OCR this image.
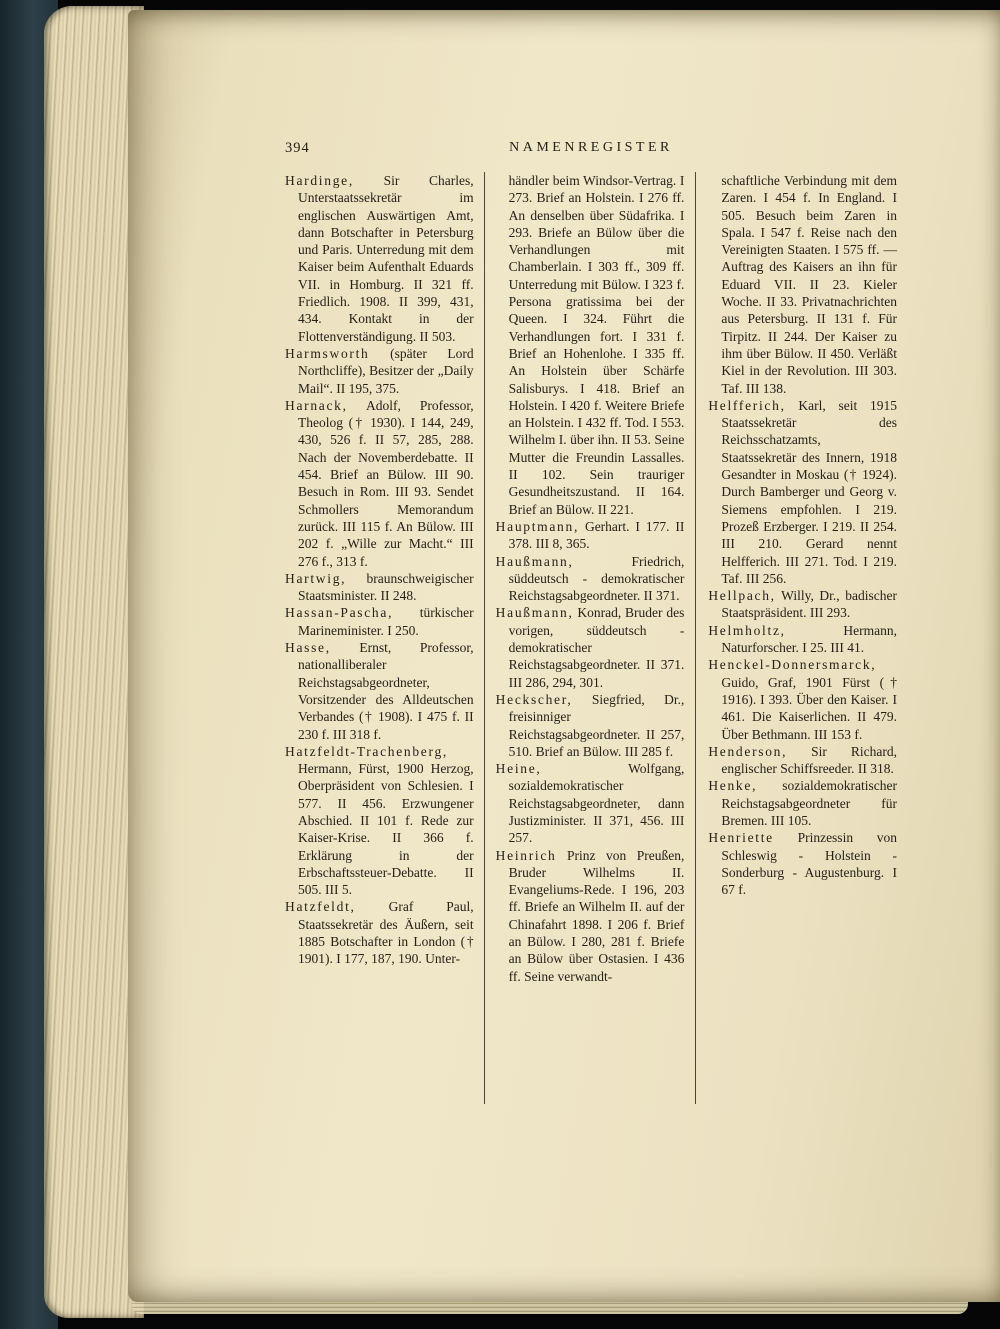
394	NAMENREGISTER

Hardinge, Sir Charles, Unterstaatssekretär im englischen Auswärtigen Amt, dann Botschafter in Petersburg und Paris. Unterredung mit dem Kaiser beim Aufenthalt Eduards VII. in Homburg. II 321 ff. Friedlich. 1908. II 399, 431, 434. Kontakt in der Flottenverständigung. II 503.

Harmsworth (später Lord Northcliffe), Besitzer der „Daily Mail“. II 195, 375.

Harnack, Adolf, Professor, Theolog († 1930). I 144, 249, 430, 526 f. II 57, 285, 288. Nach der Novemberdebatte. II 454. Brief an Bülow. III 90. Besuch in Rom. III 93. Sendet Schmollers Memorandum zurück. III 115 f. An Bülow. III 202 f. „Wille zur Macht.“ III 276 f., 313 f.

Hartwig, braunschweigischer Staatsminister. II 248.

Hassan-Pascha, türkischer Marineminister. I 250.

Hasse, Ernst, Professor, nationalliberaler Reichstagsabgeordneter, Vorsitzender des Alldeutschen Verbandes († 1908). I 475 f. II 230 f. III 318 f.

Hatzfeldt-Trachenberg, Hermann, Fürst, 1900 Herzog, Oberpräsident von Schlesien. I 577. II 456. Erzwungener Abschied. II 101 f. Rede zur Kaiser-Krise. II 366 f. Erklärung in der Erbschaftssteuer-Debatte. II 505. III 5.

Hatzfeldt, Graf Paul, Staatssekretär des Äußern, seit 1885 Botschafter in London († 1901). I 177, 187, 190. Unter-

händler beim Windsor-Vertrag. I 273. Brief an Holstein. I 276 ff. An denselben über Südafrika. I 293. Briefe an Bülow über die Verhandlungen mit Chamberlain. I 303 ff., 309 ff. Unterredung mit Bülow. I 323 f. Persona gratissima bei der Queen. I 324. Führt die Verhandlungen fort. I 331 f. Brief an Hohenlohe. I 335 ff. An Holstein über Schärfe Salisburys. I 418. Brief an Holstein. I 420 f. Weitere Briefe an Holstein. I 432 ff. Tod. I 553. Wilhelm I. über ihn. II 53. Seine Mutter die Freundin Lassalles. II 102. Sein trauriger Gesundheitszustand. II 164. Brief an Bülow. II 221.

Hauptmann, Gerhart. I 177. II 378. III 8, 365.

Haußmann, Friedrich, süddeutsch - demokratischer Reichstagsabgeordneter. II 371.

Haußmann, Konrad, Bruder des vorigen, süddeutsch - demokratischer Reichstagsabgeordneter. II 371. III 286, 294, 301.

Heckscher, Siegfried, Dr., freisinniger Reichstagsabgeordneter. II 257, 510. Brief an Bülow. III 285 f.

Heine, Wolfgang, sozialdemokratischer Reichstagsabgeordneter, dann Justizminister. II 371, 456. III 257.

Heinrich Prinz von Preußen, Bruder Wilhelms II. Evangeliums-Rede. I 196, 203 ff. Briefe an Wilhelm II. auf der Chinafahrt 1898. I 206 f. Brief an Bülow. I 280, 281 f. Briefe an Bülow über Ostasien. I 436 ff. Seine verwandt-

schaftliche Verbindung mit dem Zaren. I 454 f. In England. I 505. Besuch beim Zaren in Spala. I 547 f. Reise nach den Vereinigten Staaten. I 575 ff. — Auftrag des Kaisers an ihn für Eduard VII. II 23. Kieler Woche. II 33. Privatnachrichten aus Petersburg. II 131 f. Für Tirpitz. II 244. Der Kaiser zu ihm über Bülow. II 450. Verläßt Kiel in der Revolution. III 303. Taf. III 138.

Helfferich, Karl, seit 1915 Staatssekretär des Reichsschatzamts, Staatssekretär des Innern, 1918 Gesandter in Moskau († 1924). Durch Bamberger und Georg v. Siemens empfohlen. I 219. Prozeß Erzberger. I 219. II 254. III 210. Gerard nennt Helfferich. III 271. Tod. I 219. Taf. III 256.

Hellpach, Willy, Dr., badischer Staatspräsident. III 293.

Helmholtz, Hermann, Naturforscher. I 25. III 41.

Henckel-Donnersmarck, Guido, Graf, 1901 Fürst († 1916). I 393. Über den Kaiser. I 461. Die Kaiserlichen. II 479. Über Bethmann. III 153 f.

Henderson, Sir Richard, englischer Schiffsreeder. II 318.

Henke, sozialdemokratischer Reichstagsabgeordneter für Bremen. III 105.

Henriette Prinzessin von Schleswig - Holstein - Sonderburg - Augustenburg. I 67 f.
